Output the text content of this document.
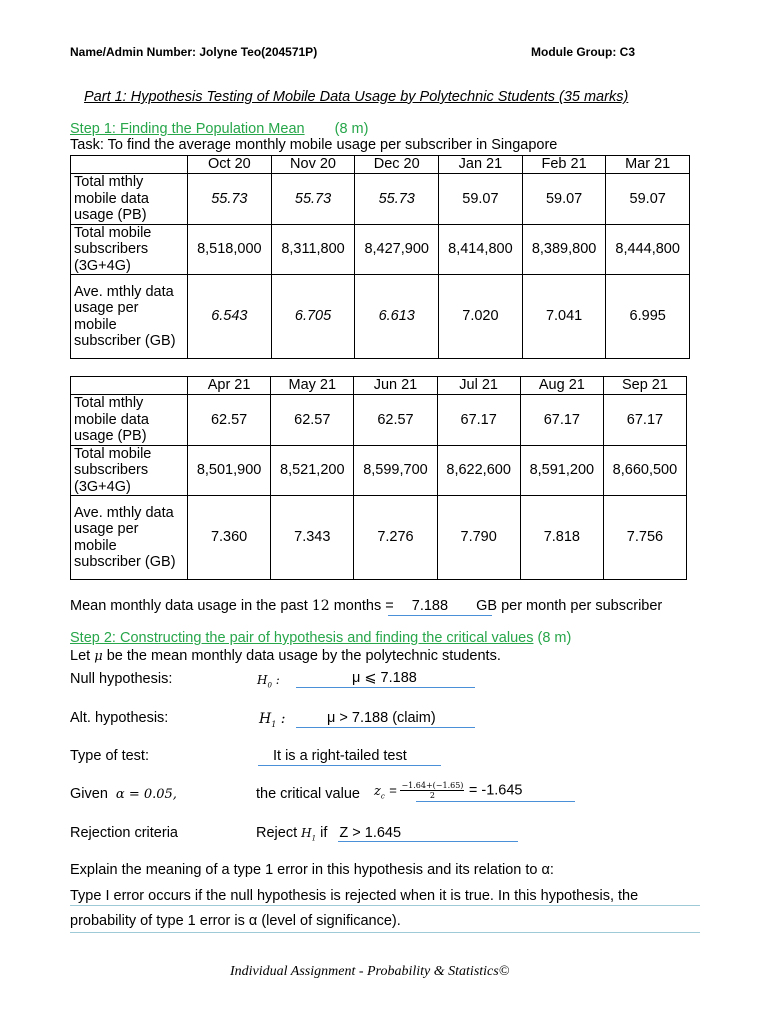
Name/Admin Number: Jolyne Teo(204571P)	Module Group: C3
Part 1: Hypothesis Testing of Mobile Data Usage by Polytechnic Students (35 marks)
Step 1: Finding the Population Mean (8 m)
Task: To find the average monthly mobile usage per subscriber in Singapore
	Oct 20	Nov 20	Dec 20	Jan 21	Feb 21	Mar 21
Total mthly mobile data usage (PB)	55.73	55.73	55.73	59.07	59.07	59.07
Total mobile subscribers (3G+4G)	8,518,000	8,311,800	8,427,900	8,414,800	8,389,800	8,444,800
Ave. mthly data usage per mobile subscriber (GB)	6.543	6.705	6.613	7.020	7.041	6.995
	Apr 21	May 21	Jun 21	Jul 21	Aug 21	Sep 21
Total mthly mobile data usage (PB)	62.57	62.57	62.57	67.17	67.17	67.17
Total mobile subscribers (3G+4G)	8,501,900	8,521,200	8,599,700	8,622,600	8,591,200	8,660,500
Ave. mthly data usage per mobile subscriber (GB)	7.360	7.343	7.276	7.790	7.818	7.756
Mean monthly data usage in the past 12 months = 7.188 GB per month per subscriber
Step 2: Constructing the pair of hypothesis and finding the critical values (8 m)
Let μ be the mean monthly data usage by the polytechnic students.
Null hypothesis:	$H_0$ :	μ ⩽ 7.188
Alt. hypothesis:	$H_1$ :	μ > 7.188 (claim)
Type of test:	It is a right-tailed test
Given α = 0.05,	the critical value $z_c = \frac{-1.64+(-1.65)}{2} = -1.645$
Rejection criteria	Reject $H_1$ if Z > 1.645
Explain the meaning of a type 1 error in this hypothesis and its relation to α:
Type I error occurs if the null hypothesis is rejected when it is true. In this hypothesis, the
probability of type 1 error is α (level of significance).
Individual Assignment - Probability & Statistics©
